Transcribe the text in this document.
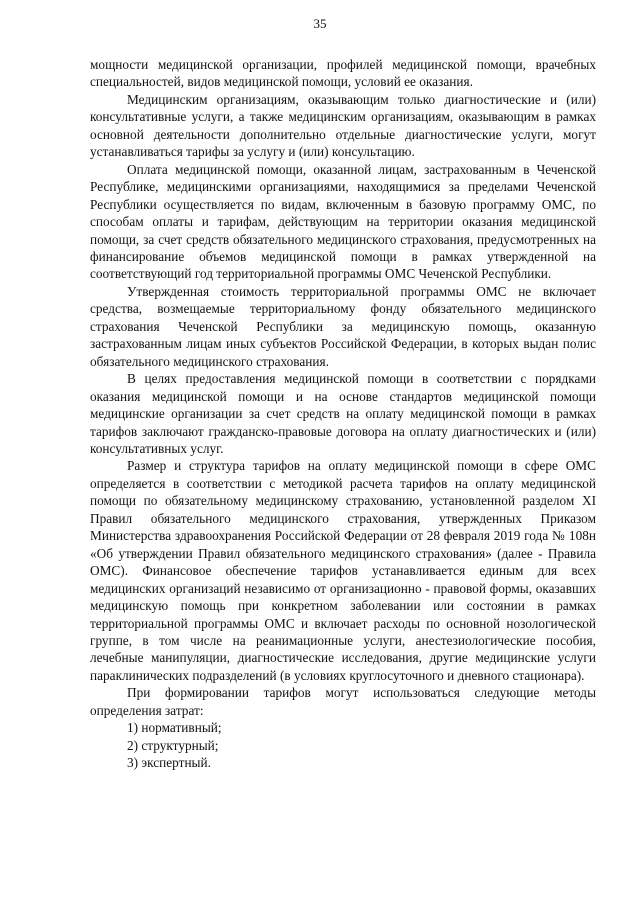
35

мощности медицинской организации, профилей медицинской помощи, врачебных специальностей, видов медицинской помощи, условий ее оказания.

Медицинским организациям, оказывающим только диагностические и (или) консультативные услуги, а также медицинским организациям, оказывающим в рамках основной деятельности дополнительно отдельные диагностические услуги, могут устанавливаться тарифы за услугу и (или) консультацию.

Оплата медицинской помощи, оказанной лицам, застрахованным в Чеченской Республике, медицинскими организациями, находящимися за пределами Чеченской Республики осуществляется по видам, включенным в базовую программу ОМС, по способам оплаты и тарифам, действующим на территории оказания медицинской помощи, за счет средств обязательного медицинского страхования, предусмотренных на финансирование объемов медицинской помощи в рамках утвержденной на соответствующий год территориальной программы ОМС Чеченской Республики.

Утвержденная стоимость территориальной программы ОМС не включает средства, возмещаемые территориальному фонду обязательного медицинского страхования Чеченской Республики за медицинскую помощь, оказанную застрахованным лицам иных субъектов Российской Федерации, в которых выдан полис обязательного медицинского страхования.

В целях предоставления медицинской помощи в соответствии с порядками оказания медицинской помощи и на основе стандартов медицинской помощи медицинские организации за счет средств на оплату медицинской помощи в рамках тарифов заключают гражданско-правовые договора на оплату диагностических и (или) консультативных услуг.

Размер и структура тарифов на оплату медицинской помощи в сфере ОМС определяется в соответствии с методикой расчета тарифов на оплату медицинской помощи по обязательному медицинскому страхованию, установленной разделом XI Правил обязательного медицинского страхования, утвержденных Приказом Министерства здравоохранения Российской Федерации от 28 февраля 2019 года № 108н «Об утверждении Правил обязательного медицинского страхования» (далее - Правила ОМС). Финансовое обеспечение тарифов устанавливается единым для всех медицинских организаций независимо от организационно - правовой формы, оказавших медицинскую помощь при конкретном заболевании или состоянии в рамках территориальной программы ОМС и включает расходы по основной нозологической группе, в том числе на реанимационные услуги, анестезиологические пособия, лечебные манипуляции, диагностические исследования, другие медицинские услуги параклинических подразделений (в условиях круглосуточного и дневного стационара).

При формировании тарифов могут использоваться следующие методы определения затрат:

1) нормативный;
2) структурный;
3) экспертный.
